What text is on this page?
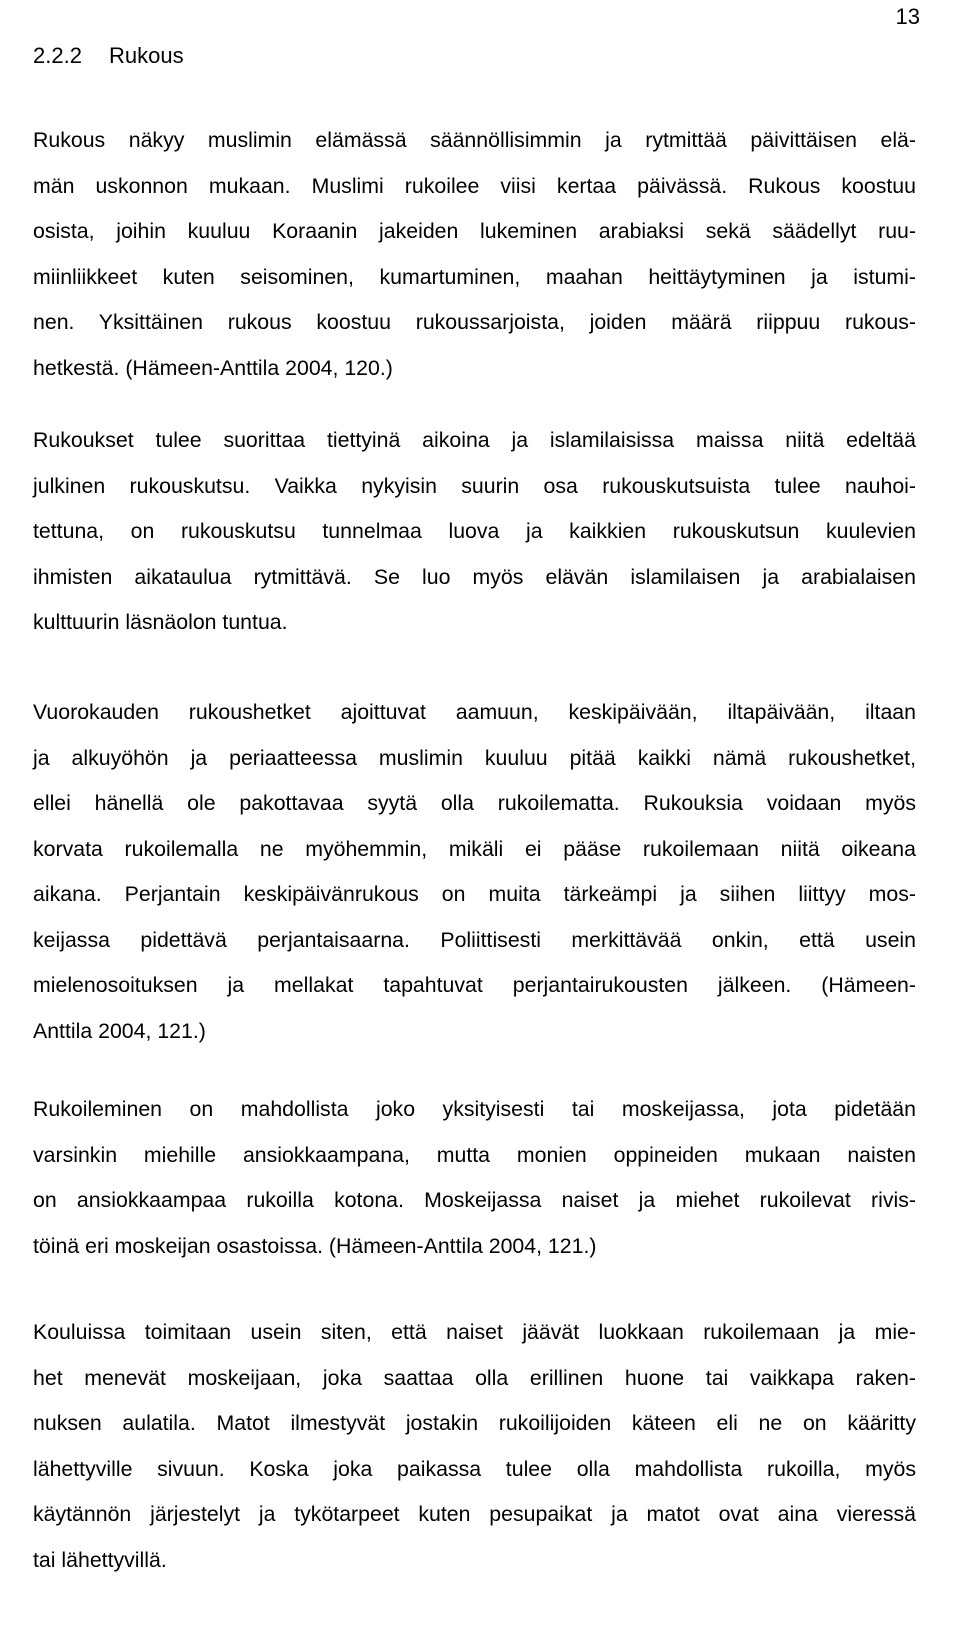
13
2.2.2 Rukous
Rukous näkyy muslimin elämässä säännöllisimmin ja rytmittää päivittäisen elä-
män uskonnon mukaan. Muslimi rukoilee viisi kertaa päivässä. Rukous koostuu
osista, joihin kuuluu Koraanin jakeiden lukeminen arabiaksi sekä säädellyt ruu-
miinliikkeet kuten seisominen, kumartuminen, maahan heittäytyminen ja istumi-
nen. Yksittäinen rukous koostuu rukoussarjoista, joiden määrä riippuu rukous-
hetkestä. (Hämeen-Anttila 2004, 120.)
Rukoukset tulee suorittaa tiettyinä aikoina ja islamilaisissa maissa niitä edeltää
julkinen rukouskutsu. Vaikka nykyisin suurin osa rukouskutsuista tulee nauhoi-
tettuna, on rukouskutsu tunnelmaa luova ja kaikkien rukouskutsun kuulevien
ihmisten aikataulua rytmittävä. Se luo myös elävän islamilaisen ja arabialaisen
kulttuurin läsnäolon tuntua.
Vuorokauden rukoushetket ajoittuvat aamuun, keskipäivään, iltapäivään, iltaan
ja alkuyöhön ja periaatteessa muslimin kuuluu pitää kaikki nämä rukoushetket,
ellei hänellä ole pakottavaa syytä olla rukoilematta. Rukouksia voidaan myös
korvata rukoilemalla ne myöhemmin, mikäli ei pääse rukoilemaan niitä oikeana
aikana. Perjantain keskipäivänrukous on muita tärkeämpi ja siihen liittyy mos-
keijassa pidettävä perjantaisaarna. Poliittisesti merkittävää onkin, että usein
mielenosoituksen ja mellakat tapahtuvat perjantairukousten jälkeen. (Hämeen-
Anttila 2004, 121.)
Rukoileminen on mahdollista joko yksityisesti tai moskeijassa, jota pidetään
varsinkin miehille ansiokkaampana, mutta monien oppineiden mukaan naisten
on ansiokkaampaa rukoilla kotona. Moskeijassa naiset ja miehet rukoilevat rivis-
töinä eri moskeijan osastoissa. (Hämeen-Anttila 2004, 121.)
Kouluissa toimitaan usein siten, että naiset jäävät luokkaan rukoilemaan ja mie-
het menevät moskeijaan, joka saattaa olla erillinen huone tai vaikkapa raken-
nuksen aulatila. Matot ilmestyvät jostakin rukoilijoiden käteen eli ne on kääritty
lähettyville sivuun. Koska joka paikassa tulee olla mahdollista rukoilla, myös
käytännön järjestelyt ja tykötarpeet kuten pesupaikat ja matot ovat aina vieressä
tai lähettyvillä.
